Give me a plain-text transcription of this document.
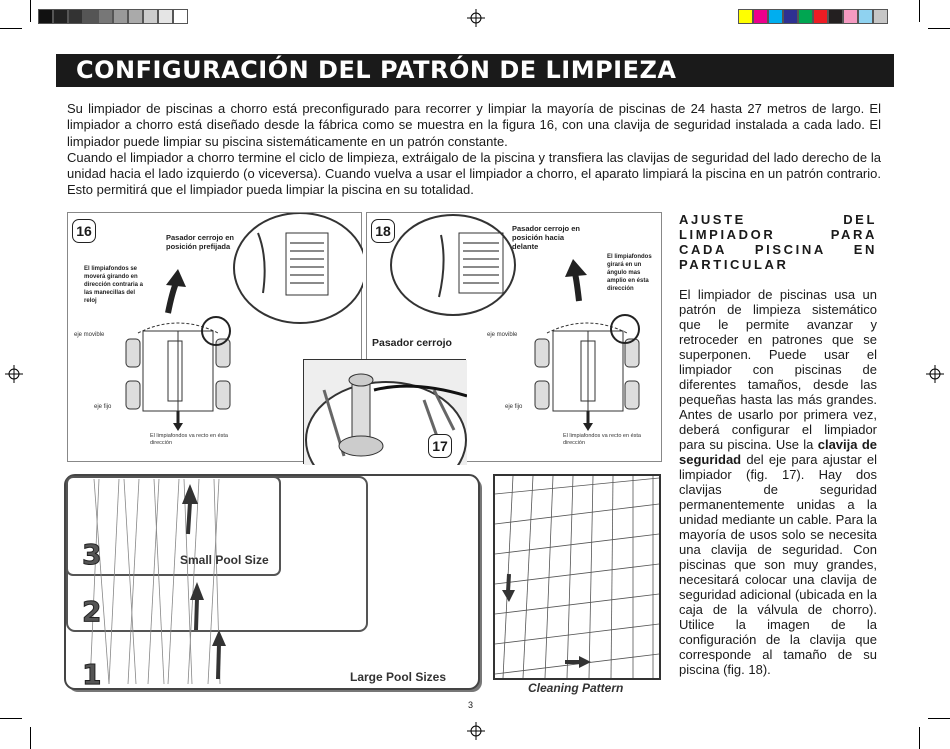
CONFIGURACIÓN DEL PATRÓN DE LIMPIEZA

Su limpiador de piscinas a chorro está preconfigurado para recorrer y limpiar la mayoría de piscinas de 24 hasta 27 metros de largo. El limpiador a chorro está diseñado desde la fábrica como se muestra en la figura 16, con una clavija de seguridad instalada a cada lado. El limpiador puede limpiar su piscina sistemáticamente en un patrón constante.

Cuando el limpiador a chorro termine el ciclo de limpieza, extráigalo de la piscina y transfiera las clavijas de seguridad del lado derecho de la unidad hacia el lado izquierdo (o viceversa). Cuando vuelva a usar el limpiador a chorro, el aparato limpiará la piscina en un patrón contrario. Esto permitirá que el limpiador pueda limpiar la piscina en su totalidad.

16	Pasador cerrojo en posición prefijada
El limpiafondos se moverá girando en dirección contraria a las manecillas del reloj
eje movible
eje fijo
El limpiafondos va recto en ésta dirección
18	Pasador cerrojo en posición hacia delante
El limpiafondos girará en un ángulo mas amplio en ésta dirección
eje movible
eje fijo
El limpiafondos va recto en ésta dirección
17
Pasador cerrojo
3
2
1
Small Pool Size
Large Pool Sizes
Cleaning Pattern
AJUSTE DEL LIMPIADOR PARA CADA PISCINA EN PARTICULAR

El limpiador de piscinas usa un patrón de limpieza sistemático que le permite avanzar y retroceder en patrones que se superponen. Puede usar el limpiador con piscinas de diferentes tamaños, desde las pequeñas hasta las más grandes. Antes de usarlo por primera vez, deberá configurar el limpiador para su piscina. Use la clavija de seguridad del eje para ajustar el limpiador (fig. 17). Hay dos clavijas de seguridad permanentemente unidas a la unidad mediante un cable. Para la mayoría de usos solo se necesita una clavija de seguridad. Con piscinas que son muy grandes, necesitará colocar una clavija de seguridad adicional (ubicada en la caja de la válvula de chorro). Utilice la imagen de la configuración de la clavija que corresponde al tamaño de su piscina (fig. 18).

3
